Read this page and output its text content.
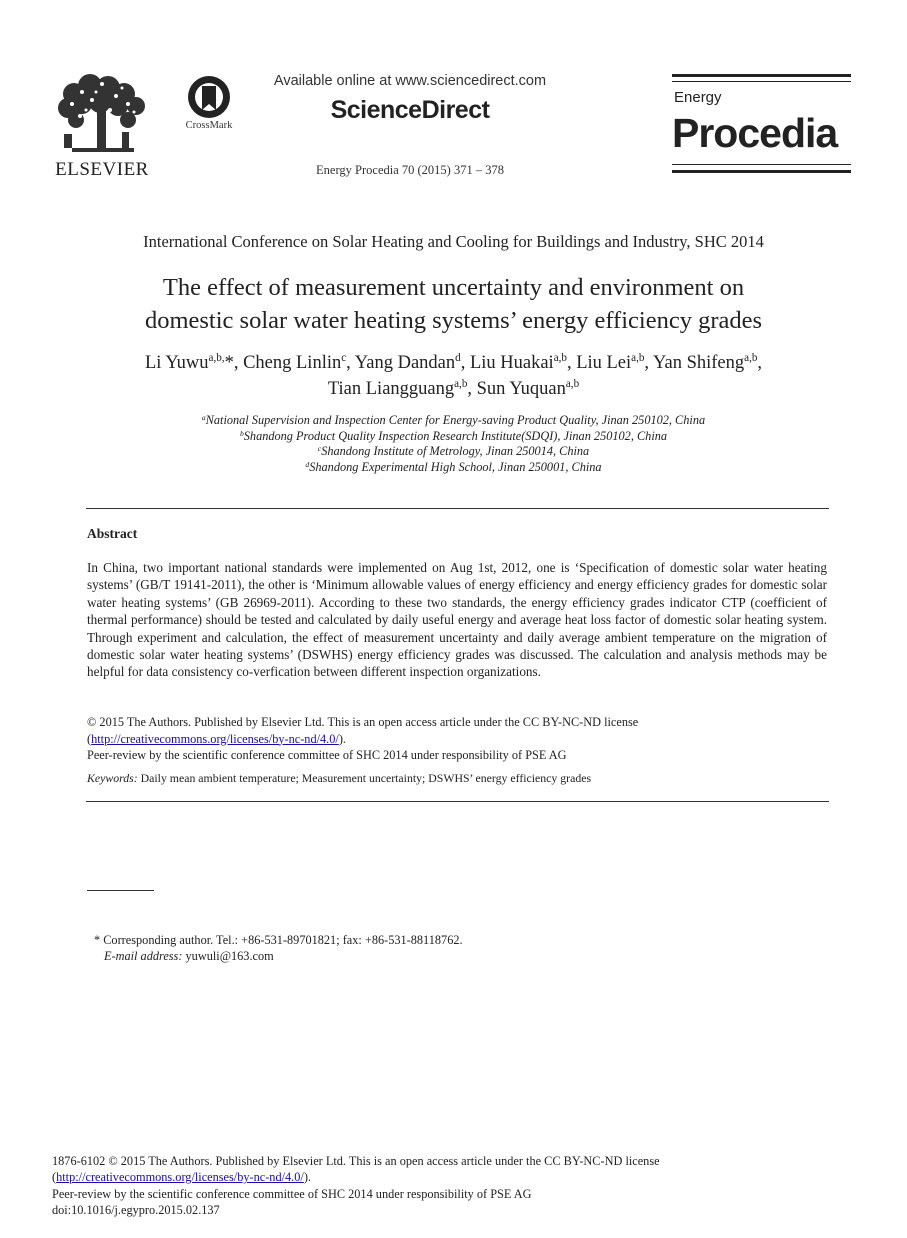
ELSEVIER
CrossMark
Available online at www.sciencedirect.com
ScienceDirect
Energy Procedia 70 (2015) 371 – 378
Energy
Procedia
International Conference on Solar Heating and Cooling for Buildings and Industry, SHC 2014
The effect of measurement uncertainty and environment on
domestic solar water heating systems’ energy efficiency grades
Li Yuwu$^{a,b,}$*, Cheng Linlin$^c$, Yang Dandan$^d$, Liu Huakai$^{a,b}$, Liu Lei$^{a,b}$, Yan Shifeng$^{a,b}$,
Tian Liangguang$^{a,b}$, Sun Yuquan$^{a,b}$
$^a$National Supervision and Inspection Center for Energy-saving Product Quality, Jinan 250102, China
$^b$Shandong Product Quality Inspection Research Institute(SDQI), Jinan 250102, China
$^c$Shandong Institute of Metrology, Jinan 250014, China
$^d$Shandong Experimental High School, Jinan 250001, China
Abstract
In China, two important national standards were implemented on Aug 1st, 2012, one is ‘Specification of domestic solar water heating systems’ (GB/T 19141-2011), the other is ‘Minimum allowable values of energy efficiency and energy efficiency grades for domestic solar water heating systems’ (GB 26969-2011). According to these two standards, the energy efficiency grades indicator CTP (coefficient of thermal performance) should be tested and calculated by daily useful energy and average heat loss factor of domestic solar heating system. Through experiment and calculation, the effect of measurement uncertainty and daily average ambient temperature on the migration of domestic solar water heating systems’ (DSWHS) energy efficiency grades was discussed. The calculation and analysis methods may be helpful for data consistency co-verfication between different inspection organizations.
© 2015 The Authors. Published by Elsevier Ltd. This is an open access article under the CC BY-NC-ND license
(http://creativecommons.org/licenses/by-nc-nd/4.0/).
Peer-review by the scientific conference committee of SHC 2014 under responsibility of PSE AG
Keywords: Daily mean ambient temperature; Measurement uncertainty; DSWHS’ energy efficiency grades
* Corresponding author. Tel.: +86-531-89701821; fax: +86-531-88118762.
E-mail address: yuwuli@163.com
1876-6102 © 2015 The Authors. Published by Elsevier Ltd. This is an open access article under the CC BY-NC-ND license
(http://creativecommons.org/licenses/by-nc-nd/4.0/).
Peer-review by the scientific conference committee of SHC 2014 under responsibility of PSE AG
doi:10.1016/j.egypro.2015.02.137
